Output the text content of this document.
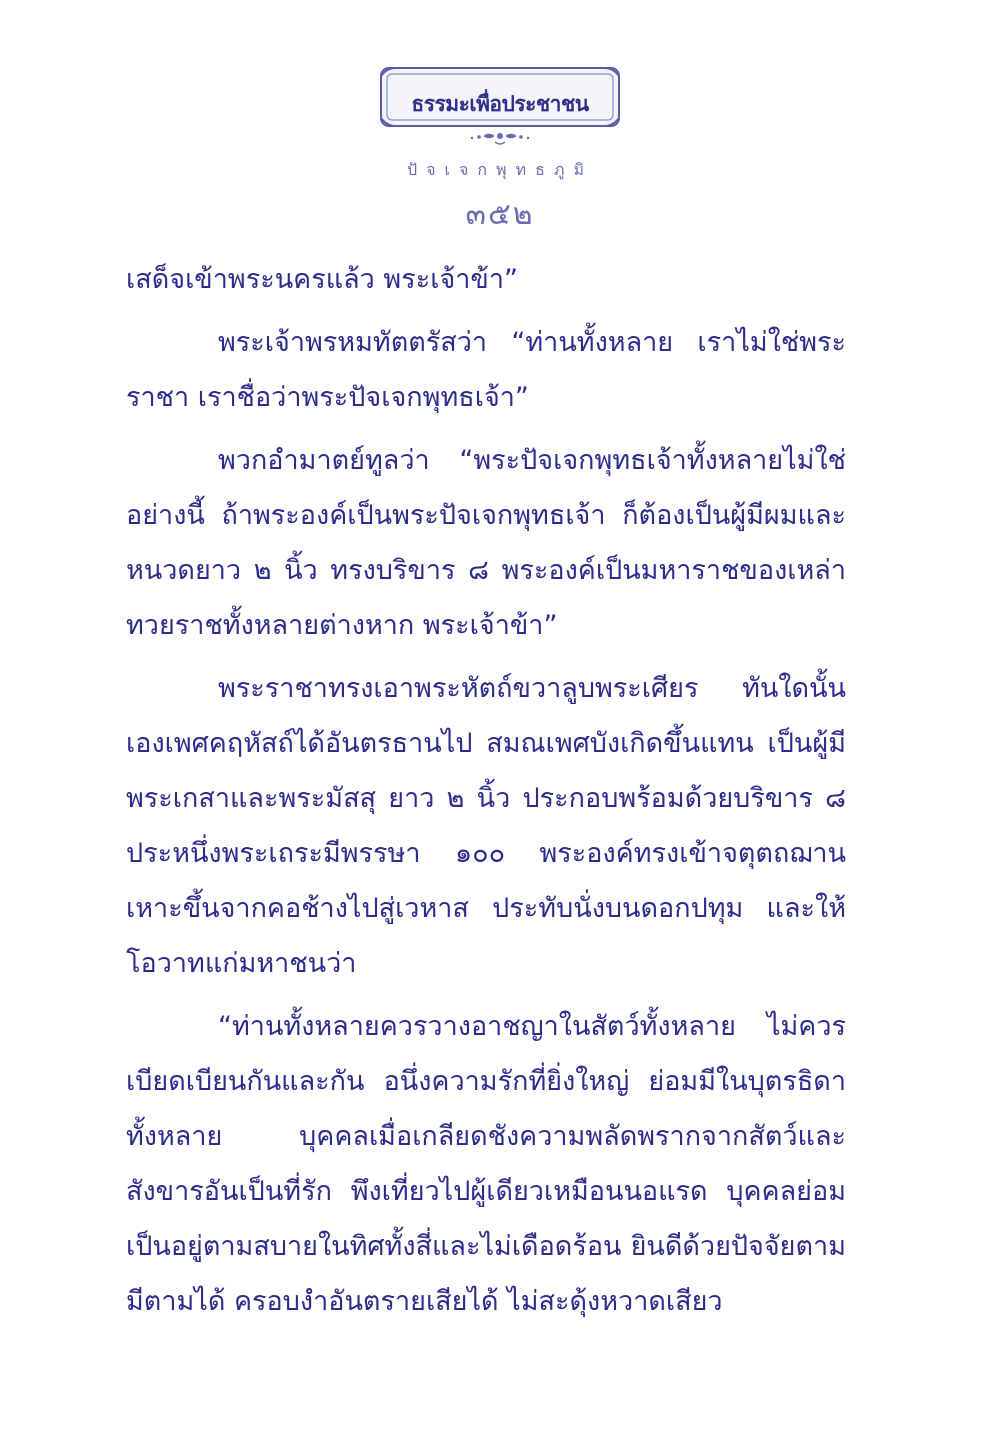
ธรรมะเพื่อประชาชน
ปัจเจกพุทธภูมิ
๓๕๒

เสด็จเข้าพระนครแล้ว พระเจ้าข้า”

พระเจ้าพรหมทัตตรัสว่า “ท่านทั้งหลาย เราไม่ใช่พระราชา เราชื่อว่าพระปัจเจกพุทธเจ้า”

พวกอำมาตย์ทูลว่า “พระปัจเจกพุทธเจ้าทั้งหลายไม่ใช่อย่างนี้ ถ้าพระองค์เป็นพระปัจเจกพุทธเจ้า ก็ต้องเป็นผู้มีผมและหนวดยาว ๒ นิ้ว ทรงบริขาร ๘ พระองค์เป็นมหาราชของเหล่าทวยราชทั้งหลายต่างหาก พระเจ้าข้า”

พระราชาทรงเอาพระหัตถ์ขวาลูบพระเศียร ทันใดนั้นเองเพศคฤหัสถ์ได้อันตรธานไป สมณเพศบังเกิดขึ้นแทน เป็นผู้มีพระเกสาและพระมัสสุ ยาว ๒ นิ้ว ประกอบพร้อมด้วยบริขาร ๘ ประหนึ่งพระเถระมีพรรษา ๑๐๐ พระองค์ทรงเข้าจตุตถฌาน เหาะขึ้นจากคอช้างไปสู่เวหาส ประทับนั่งบนดอกปทุม และให้โอวาทแก่มหาชนว่า

“ท่านทั้งหลายควรวางอาชญาในสัตว์ทั้งหลาย ไม่ควรเบียดเบียนกันและกัน อนึ่งความรักที่ยิ่งใหญ่ ย่อมมีในบุตรธิดาทั้งหลาย บุคคลเมื่อเกลียดชังความพลัดพรากจากสัตว์และสังขารอันเป็นที่รัก พึงเที่ยวไปผู้เดียวเหมือนนอแรด บุคคลย่อมเป็นอยู่ตามสบายในทิศทั้งสี่และไม่เดือดร้อน ยินดีด้วยปัจจัยตามมีตามได้ ครอบงำอันตรายเสียได้ ไม่สะดุ้งหวาดเสียว
